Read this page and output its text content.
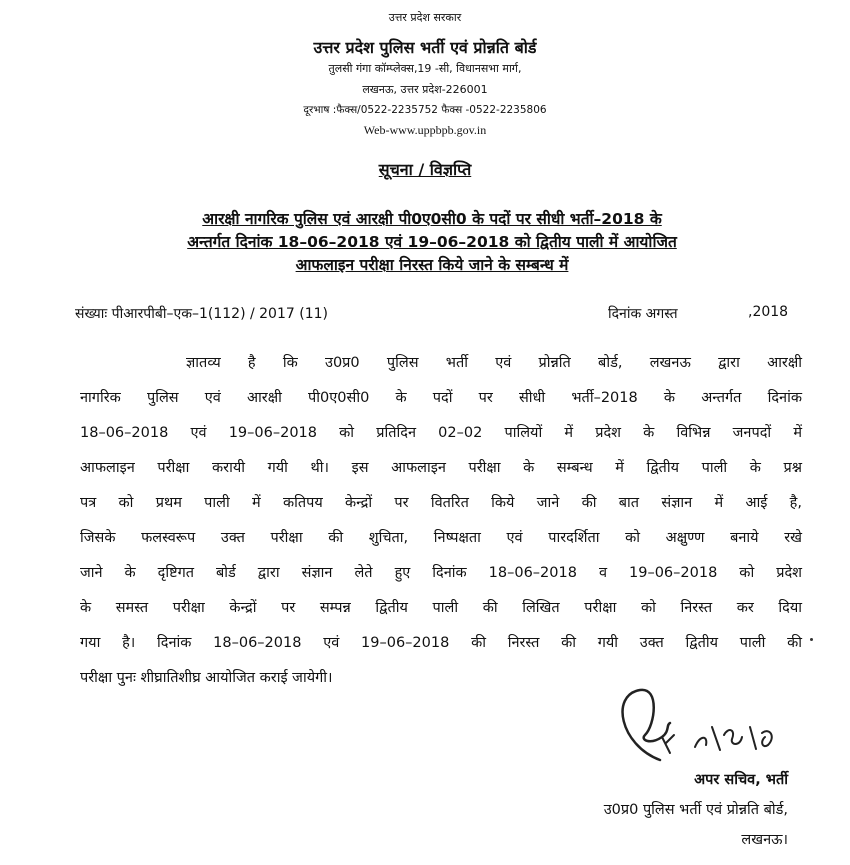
उत्तर प्रदेश सरकार
उत्तर प्रदेश पुलिस भर्ती एवं प्रोन्नति बोर्ड
तुलसी गंगा कॉम्प्लेक्स,19 -सी, विधानसभा मार्ग,
लखनऊ, उत्तर प्रदेश-226001
दूरभाष :फैक्स/0522-2235752 फैक्स -0522-2235806
Web-www.uppbpb.gov.in
सूचना / विज्ञप्ति
आरक्षी नागरिक पुलिस एवं आरक्षी पी0ए0सी0 के पदों पर सीधी भर्ती–2018 के
अन्तर्गत दिनांक 18–06–2018 एवं 19–06–2018 को द्वितीय पाली में आयोजित
आफलाइन परीक्षा निरस्त किये जाने के सम्बन्ध में
संख्याः पीआरपीबी–एक–1(112) / 2017 (11)	दिनांक अगस्त	,2018
ज्ञातव्य है कि उ0प्र0 पुलिस भर्ती एवं प्रोन्नति बोर्ड, लखनऊ द्वारा आरक्षी
नागरिक पुलिस एवं आरक्षी पी0ए0सी0 के पदों पर सीधी भर्ती–2018 के अन्तर्गत दिनांक
18–06–2018 एवं 19–06–2018 को प्रतिदिन 02–02 पालियों में प्रदेश के विभिन्न जनपदों में
आफलाइन परीक्षा करायी गयी थी। इस आफलाइन परीक्षा के सम्बन्ध में द्वितीय पाली के प्रश्न
पत्र को प्रथम पाली में कतिपय केन्द्रों पर वितरित किये जाने की बात संज्ञान में आई है,
जिसके फलस्वरूप उक्त परीक्षा की शुचिता, निष्पक्षता एवं पारदर्शिता को अक्षुण्ण बनाये रखे
जाने के दृष्टिगत बोर्ड द्वारा संज्ञान लेते हुए दिनांक 18–06–2018 व 19–06–2018 को प्रदेश
के समस्त परीक्षा केन्द्रों पर सम्पन्न द्वितीय पाली की लिखित परीक्षा को निरस्त कर दिया
गया है। दिनांक 18–06–2018 एवं 19–06–2018 की निरस्त की गयी उक्त द्वितीय पाली की
परीक्षा पुनः शीघ्रातिशीघ्र आयोजित कराई जायेगी।
अपर सचिव, भर्ती
उ0प्र0 पुलिस भर्ती एवं प्रोन्नति बोर्ड,
लखनऊ।
